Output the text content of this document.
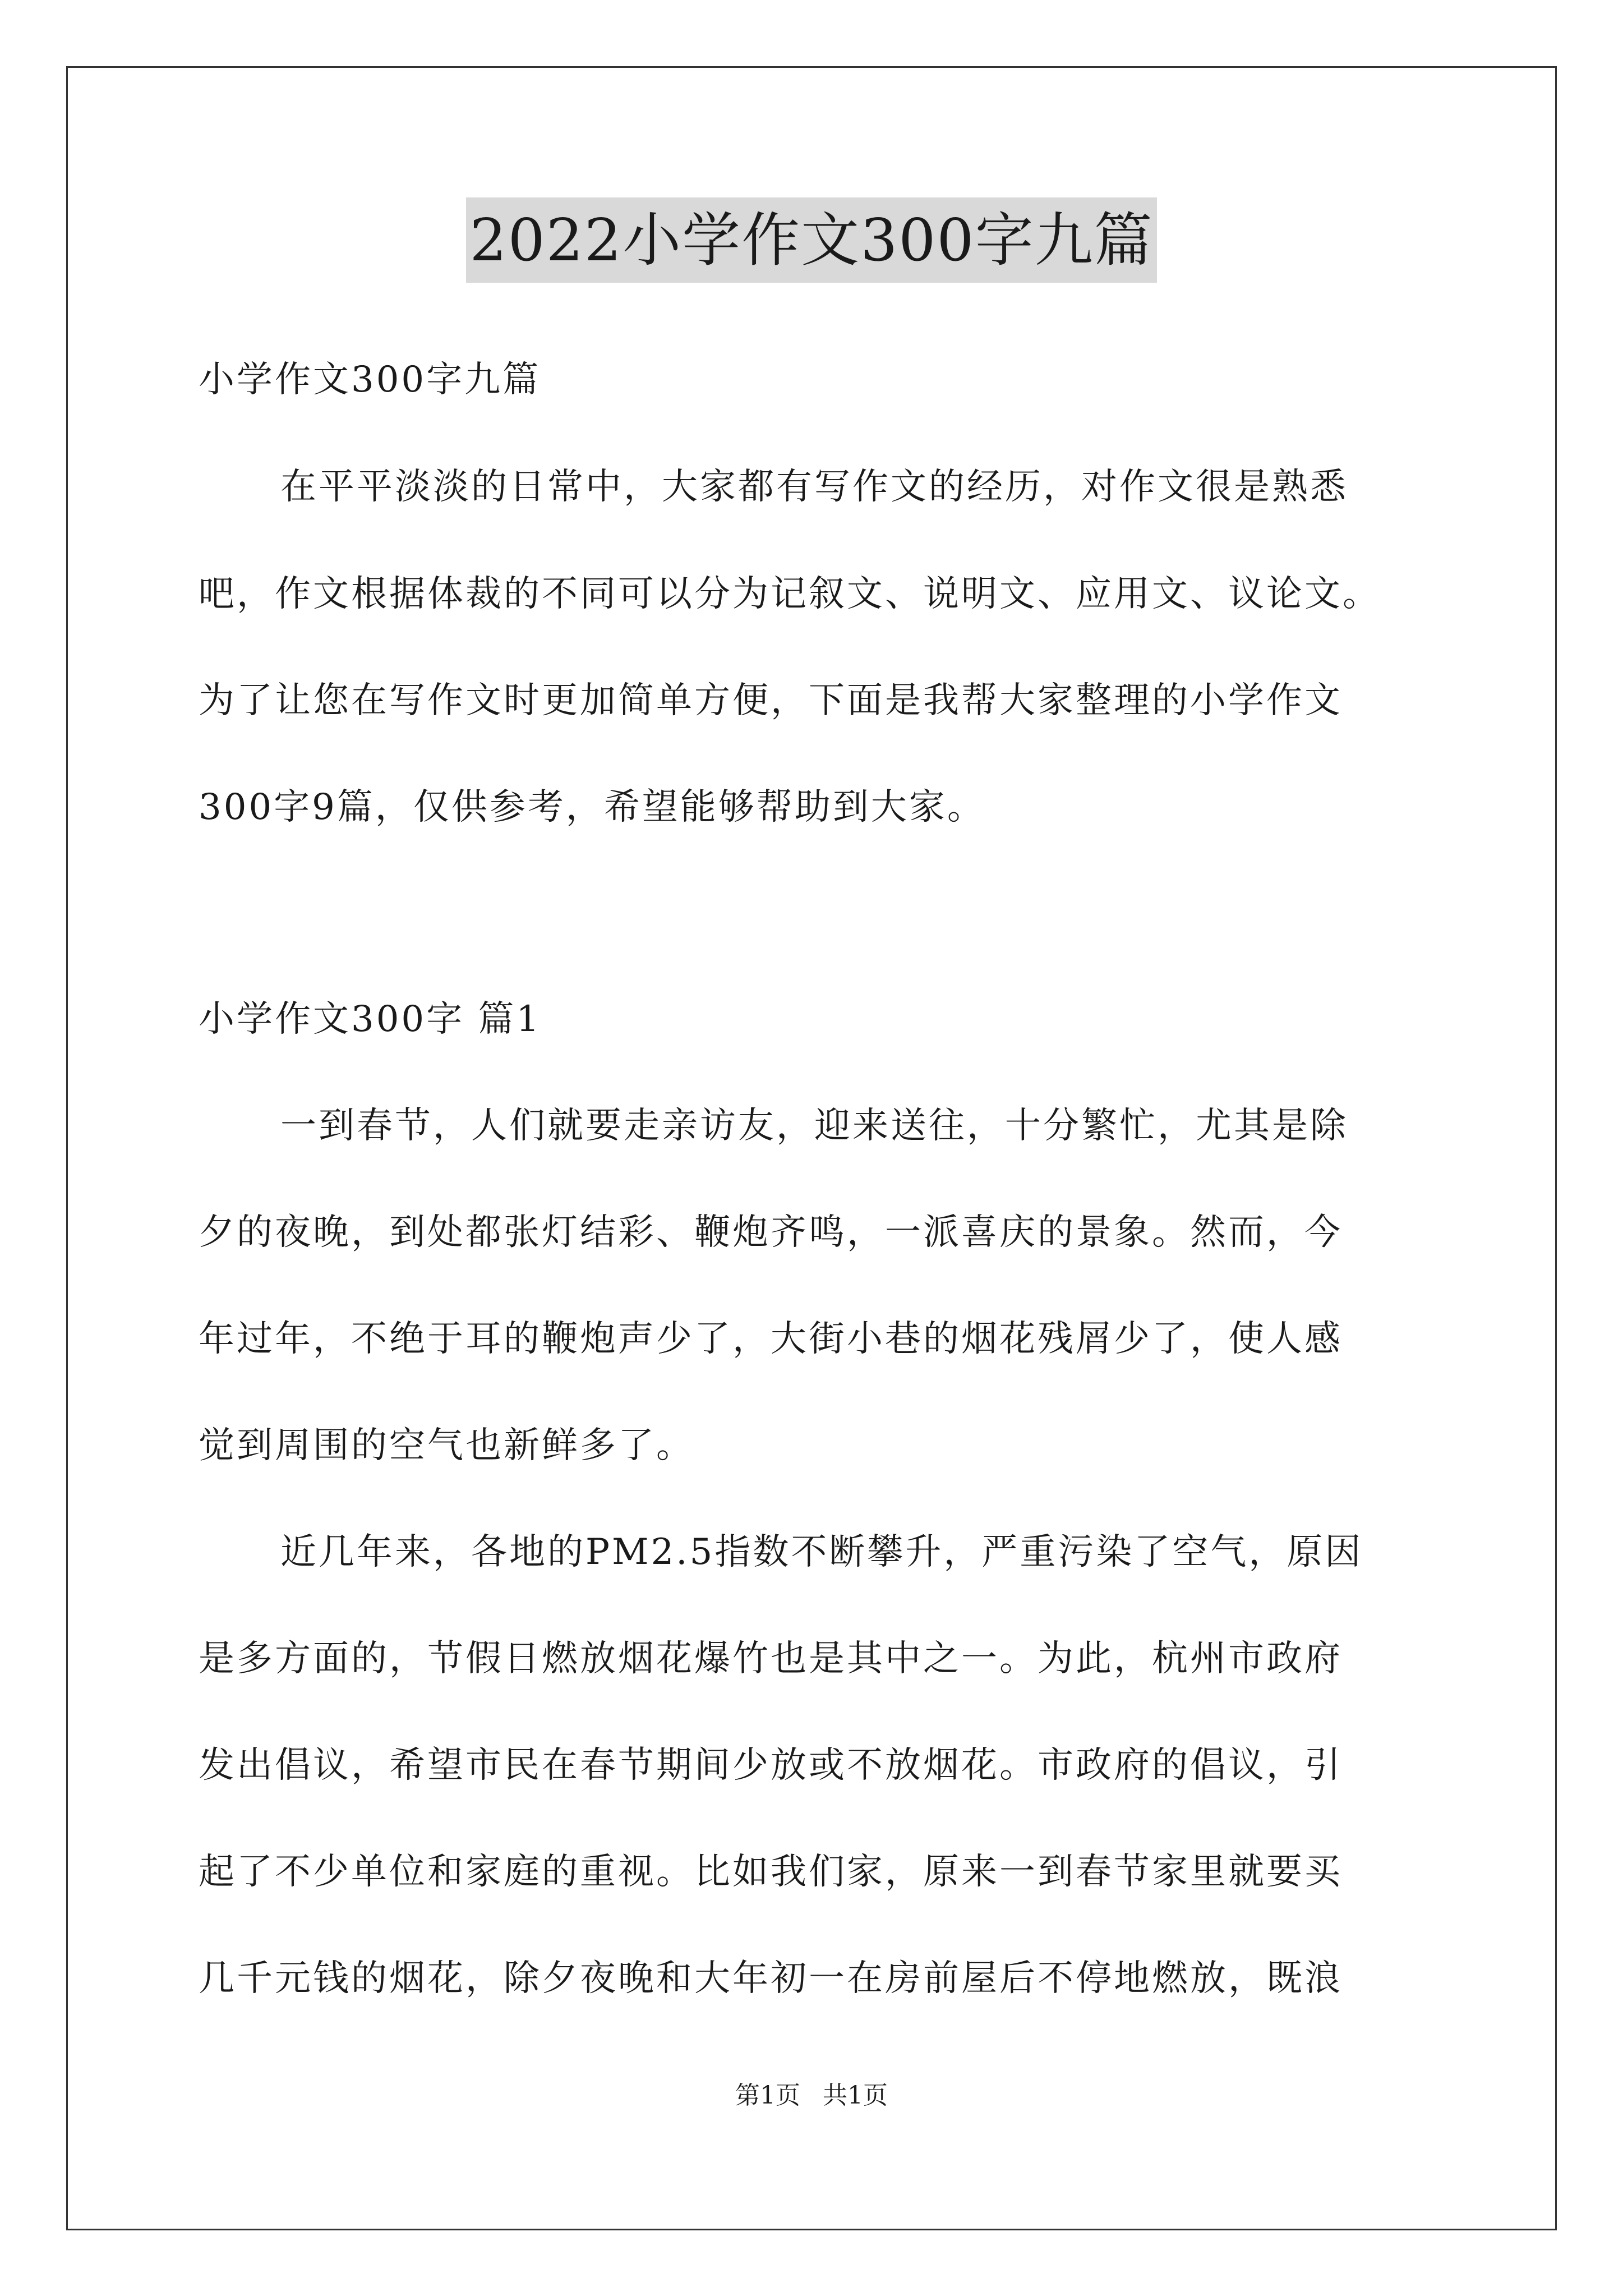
2022小学作文300字九篇
小学作文300字九篇
在平平淡淡的日常中，大家都有写作文的经历，对作文很是熟悉
吧，作文根据体裁的不同可以分为记叙文、说明文、应用文、议论文。
为了让您在写作文时更加简单方便，下面是我帮大家整理的小学作文
300字9篇，仅供参考，希望能够帮助到大家。
小学作文300字 篇1
一到春节，人们就要走亲访友，迎来送往，十分繁忙，尤其是除
夕的夜晚，到处都张灯结彩、鞭炮齐鸣，一派喜庆的景象。然而，今
年过年，不绝于耳的鞭炮声少了，大街小巷的烟花残屑少了，使人感
觉到周围的空气也新鲜多了。
近几年来，各地的PM2.5指数不断攀升，严重污染了空气，原因
是多方面的，节假日燃放烟花爆竹也是其中之一。为此，杭州市政府
发出倡议，希望市民在春节期间少放或不放烟花。市政府的倡议，引
起了不少单位和家庭的重视。比如我们家，原来一到春节家里就要买
几千元钱的烟花，除夕夜晚和大年初一在房前屋后不停地燃放，既浪
第1页 共1页
